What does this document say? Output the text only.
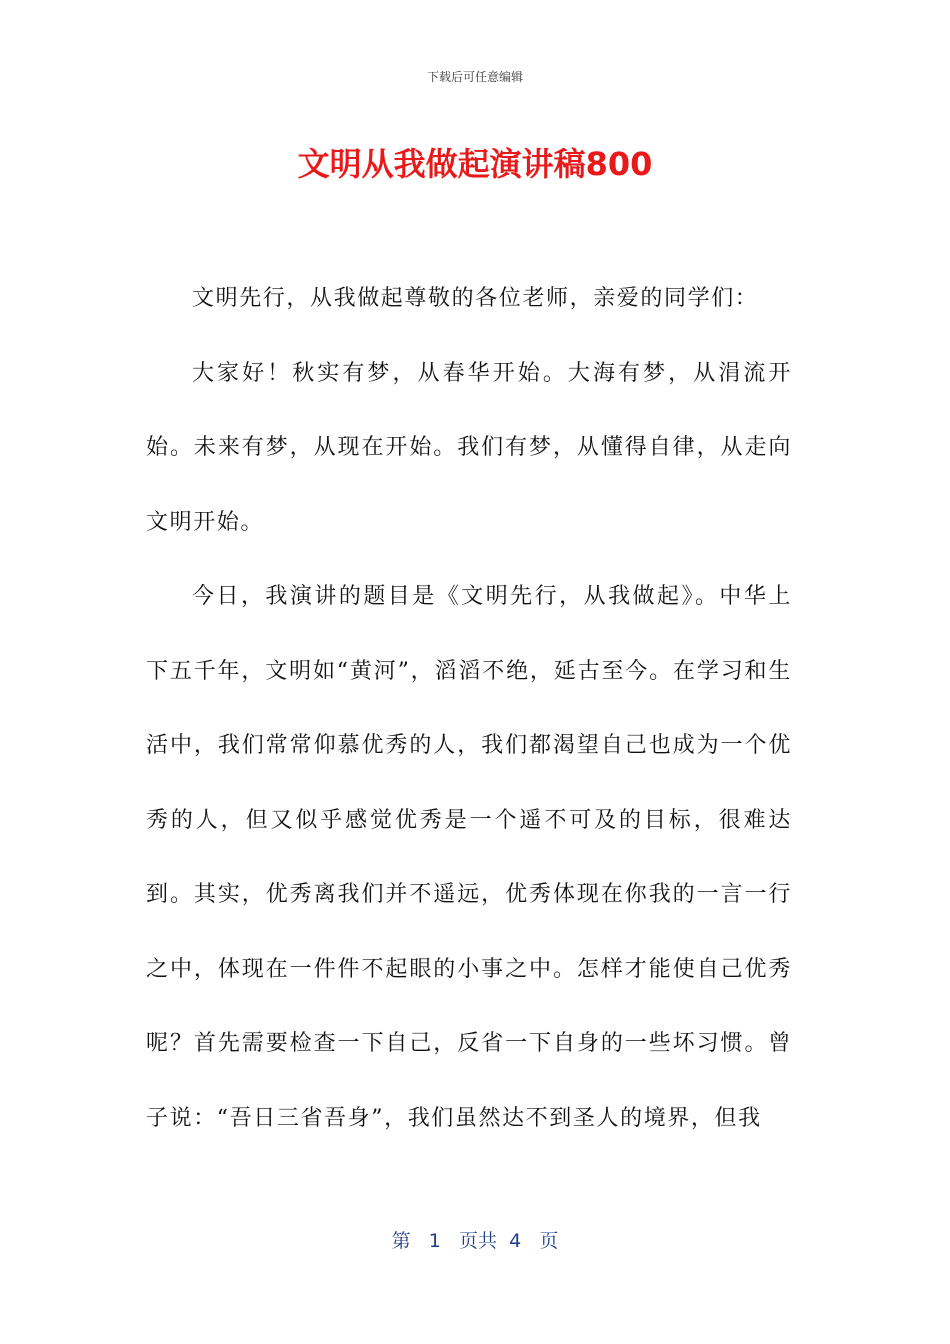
下载后可任意编辑
文明从我做起演讲稿800

文明先行，从我做起尊敬的各位老师，亲爱的同学们：

大家好！秋实有梦，从春华开始。大海有梦，从涓流开始。未来有梦，从现在开始。我们有梦，从懂得自律，从走向文明开始。

今日，我演讲的题目是《文明先行，从我做起》。中华上下五千年，文明如“黄河”，滔滔不绝，延古至今。在学习和生活中，我们常常仰慕优秀的人，我们都渴望自己也成为一个优秀的人，但又似乎感觉优秀是一个遥不可及的目标，很难达到。其实，优秀离我们并不遥远，优秀体现在你我的一言一行之中，体现在一件件不起眼的小事之中。怎样才能使自己优秀呢？首先需要检查一下自己，反省一下自身的一些坏习惯。曾子说：“吾日三省吾身”，我们虽然达不到圣人的境界，但我

第 1 页共 4 页
